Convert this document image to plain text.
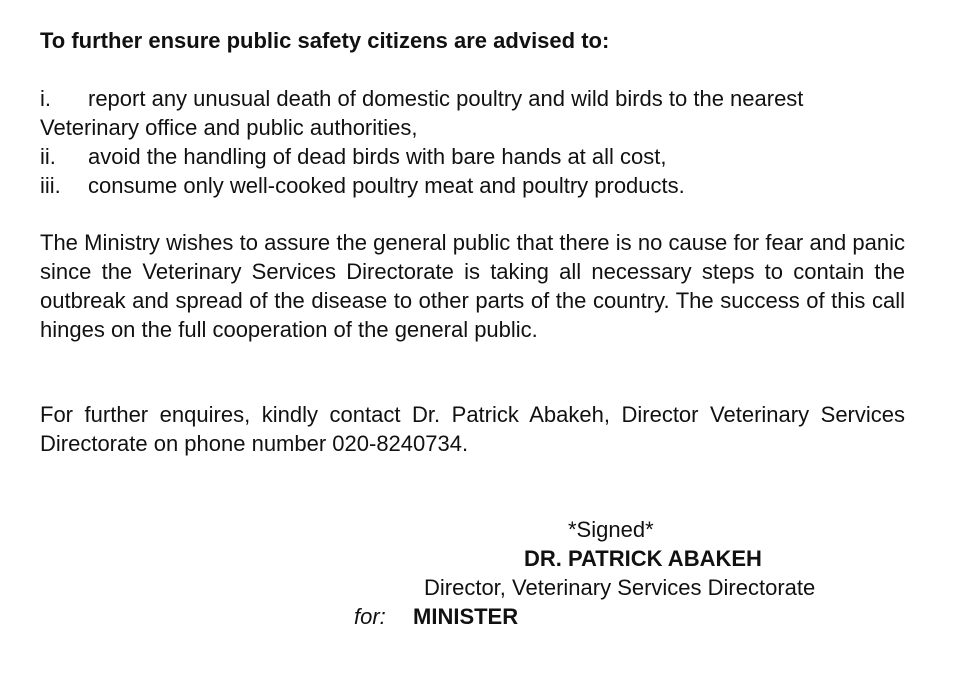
To further ensure public safety citizens are advised to:
i. report any unusual death of domestic poultry and wild birds to the nearest Veterinary office and public authorities,
ii. avoid the handling of dead birds with bare hands at all cost,
iii. consume only well-cooked poultry meat and poultry products.
The Ministry wishes to assure the general public that there is no cause for fear and panic since the Veterinary Services Directorate is taking all necessary steps to contain the outbreak and spread of the disease to other parts of the country. The success of this call hinges on the full cooperation of the general public.
For further enquires, kindly contact Dr. Patrick Abakeh, Director Veterinary Services Directorate on phone number 020-8240734.
*Signed*
DR. PATRICK ABAKEH
Director, Veterinary Services Directorate
for: MINISTER
